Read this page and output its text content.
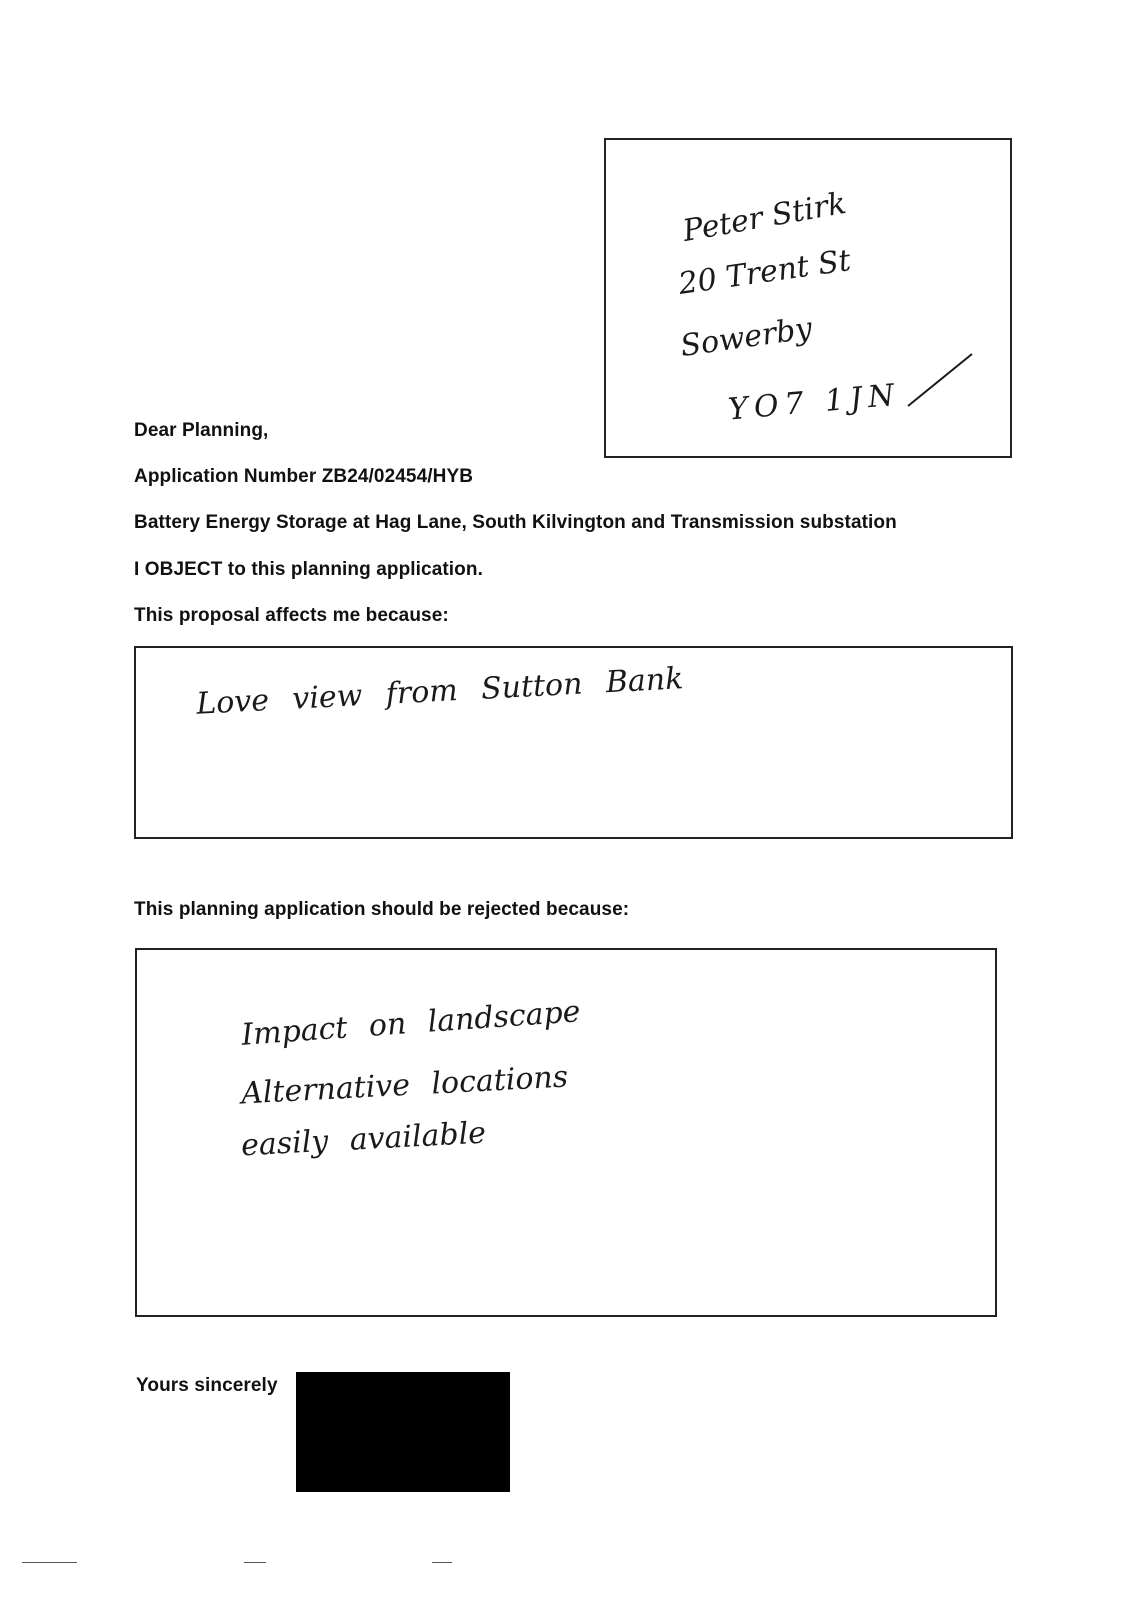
Peter Stirk
20 Trent St
Sowerby
YO7 1JN
Dear Planning,
Application Number ZB24/02454/HYB
Battery Energy Storage at Hag Lane, South Kilvington and Transmission substation
I OBJECT to this planning application.
This proposal affects me because:
Love view from Sutton Bank
This planning application should be rejected because:
Impact on landscape
Alternative locations
easily available
Yours sincerely
